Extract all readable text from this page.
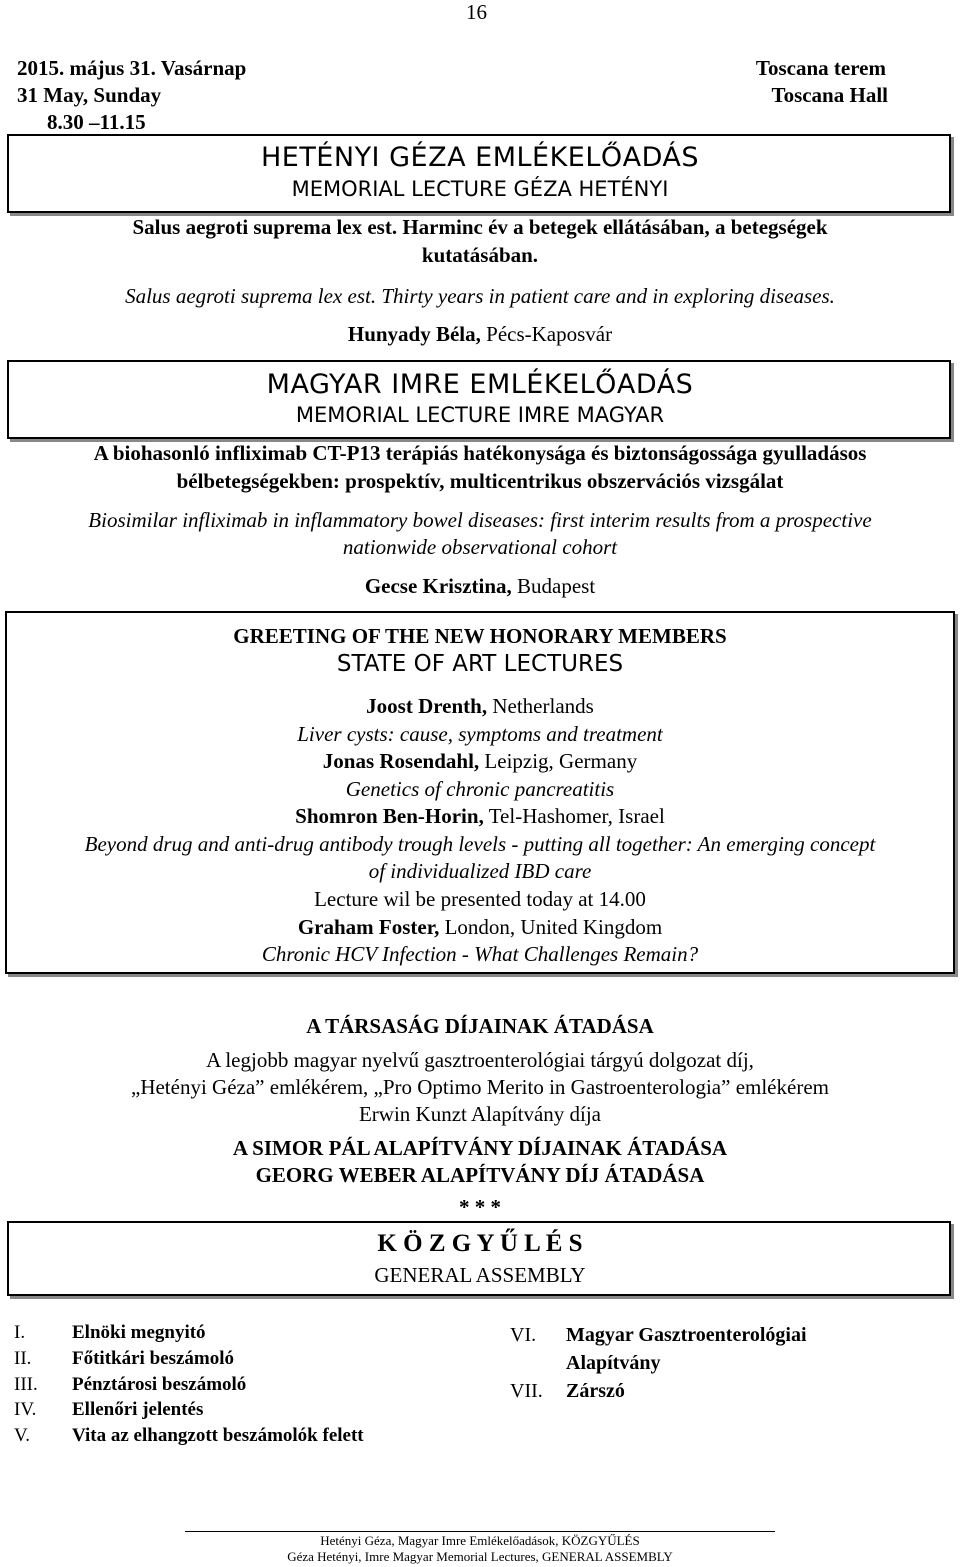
16
2015. május 31. Vasárnap
31 May, Sunday
8.30 –11.15
Toscana terem
Toscana Hall
HETÉNYI GÉZA EMLÉKELŐADÁS
MEMORIAL LECTURE GÉZA HETÉNYI
Salus aegroti suprema lex est. Harminc év a betegek ellátásában, a betegségek
kutatásában.
Salus aegroti suprema lex est. Thirty years in patient care and in exploring diseases.
Hunyady Béla, Pécs-Kaposvár
MAGYAR IMRE EMLÉKELŐADÁS
MEMORIAL LECTURE IMRE MAGYAR
A biohasonló infliximab CT-P13 terápiás hatékonysága és biztonságossága gyulladásos
bélbetegségekben: prospektív, multicentrikus obszervációs vizsgálat
Biosimilar infliximab in inflammatory bowel diseases: first interim results from a prospective
nationwide observational cohort
Gecse Krisztina, Budapest
GREETING OF THE NEW HONORARY MEMBERS
STATE OF ART LECTURES
Joost Drenth, Netherlands
Liver cysts: cause, symptoms and treatment
Jonas Rosendahl, Leipzig, Germany
Genetics of chronic pancreatitis
Shomron Ben-Horin, Tel-Hashomer, Israel
Beyond drug and anti-drug antibody trough levels - putting all together: An emerging concept
of individualized IBD care
Lecture wil be presented today at 14.00
Graham Foster, London, United Kingdom
Chronic HCV Infection - What Challenges Remain?
A TÁRSASÁG DÍJAINAK ÁTADÁSA
A legjobb magyar nyelvű gasztroenterológiai tárgyú dolgozat díj,
„Hetényi Géza” emlékérem, „Pro Optimo Merito in Gastroenterologia” emlékérem
Erwin Kunzt Alapítvány díja
A SIMOR PÁL ALAPÍTVÁNY DÍJAINAK ÁTADÁSA
GEORG WEBER ALAPÍTVÁNY DÍJ ÁTADÁSA
* * *
K Ö Z G Y Ű L É S
GENERAL ASSEMBLY
I. Elnöki megnyitó
II. Főtitkári beszámoló
III. Pénztárosi beszámoló
IV. Ellenőri jelentés
V. Vita az elhangzott beszámolók felett
VI. Magyar Gasztroenterológiai
Alapítvány
VII. Zárszó
Hetényi Géza, Magyar Imre Emlékelőadások, KÖZGYŰLÉS
Géza Hetényi, Imre Magyar Memorial Lectures, GENERAL ASSEMBLY
